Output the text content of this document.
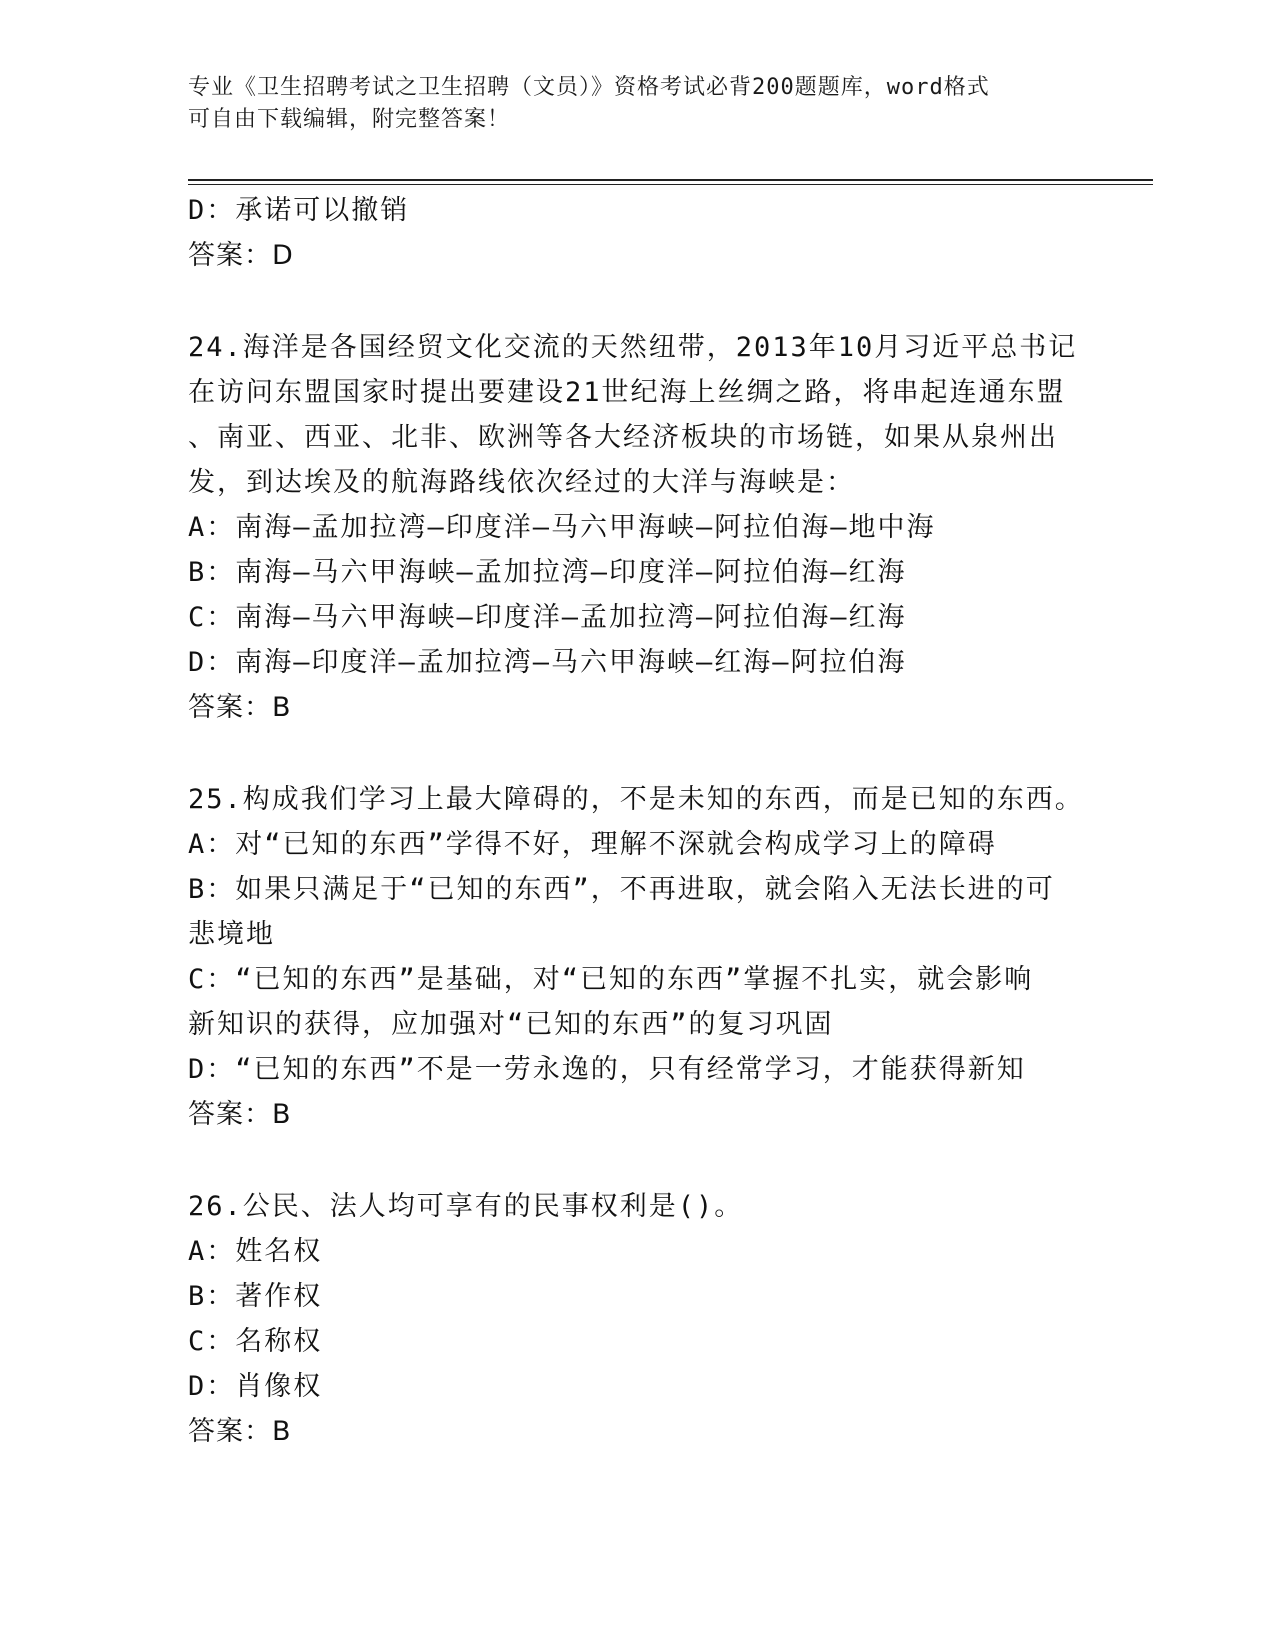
专业《卫生招聘考试之卫生招聘（文员）》资格考试必背200题题库，word格式
可自由下载编辑，附完整答案！
D：承诺可以撤销
答案：D
24.海洋是各国经贸文化交流的天然纽带，2013年10月习近平总书记
在访问东盟国家时提出要建设21世纪海上丝绸之路，将串起连通东盟
、南亚、西亚、北非、欧洲等各大经济板块的市场链，如果从泉州出
发，到达埃及的航海路线依次经过的大洋与海峡是：
A：南海—孟加拉湾—印度洋—马六甲海峡—阿拉伯海—地中海
B：南海—马六甲海峡—孟加拉湾—印度洋—阿拉伯海—红海
C：南海—马六甲海峡—印度洋—孟加拉湾—阿拉伯海—红海
D：南海—印度洋—孟加拉湾—马六甲海峡—红海—阿拉伯海
答案：B
25.构成我们学习上最大障碍的，不是未知的东西，而是已知的东西。
A：对“已知的东西”学得不好，理解不深就会构成学习上的障碍
B：如果只满足于“已知的东西”，不再进取，就会陷入无法长进的可
悲境地
C：“已知的东西”是基础，对“已知的东西”掌握不扎实，就会影响
新知识的获得，应加强对“已知的东西”的复习巩固
D：“已知的东西”不是一劳永逸的，只有经常学习，才能获得新知
答案：B
26.公民、法人均可享有的民事权利是()。
A：姓名权
B：著作权
C：名称权
D：肖像权
答案：B
